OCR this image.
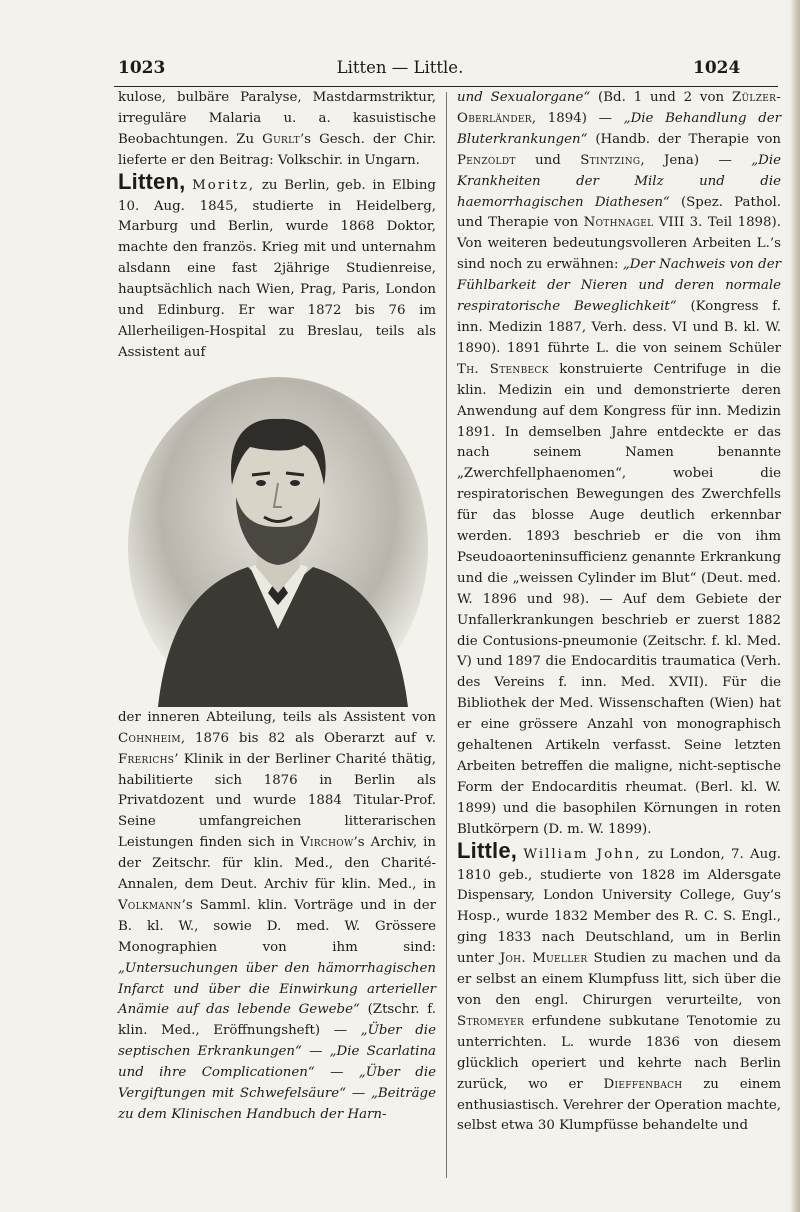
Litten — Little.
1023	1024

kulose, bulbäre Paralyse, Mastdarmstriktur, irreguläre Malaria u. a. kasuistische Beobachtungen. Zu Gurlt’s Gesch. der Chir. lieferte er den Beitrag: Volkschir. in Ungarn.

Litten, Moritz, zu Berlin, geb. in Elbing 10. Aug. 1845, studierte in Heidelberg, Marburg und Berlin, wurde 1868 Doktor, machte den französ. Krieg mit und unternahm alsdann eine fast 2jährige Studienreise, hauptsächlich nach Wien, Prag, Paris, London und Edinburg. Er war 1872 bis 76 im Allerheiligen-Hospital zu Breslau, teils als Assistent auf

der inneren Abteilung, teils als Assistent von Cohnheim, 1876 bis 82 als Oberarzt auf v. Frerichs’ Klinik in der Berliner Charité thätig, habilitierte sich 1876 in Berlin als Privatdozent und wurde 1884 Titular-Prof. Seine umfangreichen litterarischen Leistungen finden sich in Virchow’s Archiv, in der Zeitschr. für klin. Med., den Charité-Annalen, dem Deut. Archiv für klin. Med., in Volkmann’s Samml. klin. Vorträge und in der B. kl. W., sowie D. med. W. Grössere Monographien von ihm sind: „Untersuchungen über den hämorrhagischen Infarct und über die Einwirkung arterieller Anämie auf das lebende Gewebe“ (Ztschr. f. klin. Med., Eröffnungsheft) — „Über die septischen Erkrankungen“ — „Die Scarlatina und ihre Complicationen“ — „Über die Vergiftungen mit Schwefelsäure“ — „Beiträge zu dem Klinischen Handbuch der Harn-

und Sexualorgane“ (Bd. 1 und 2 von Zülzer-Oberländer, 1894) — „Die Behandlung der Bluterkrankungen“ (Handb. der Therapie von Penzoldt und Stintzing, Jena) — „Die Krankheiten der Milz und die haemorrhagischen Diathesen“ (Spez. Pathol. und Therapie von Nothnagel VIII 3. Teil 1898). Von weiteren bedeutungsvolleren Arbeiten L.’s sind noch zu erwähnen: „Der Nachweis von der Fühlbarkeit der Nieren und deren normale respiratorische Beweglichkeit“ (Kongress f. inn. Medizin 1887, Verh. dess. VI und B. kl. W. 1890). 1891 führte L. die von seinem Schüler Th. Stenbeck konstruierte Centrifuge in die klin. Medizin ein und demonstrierte deren Anwendung auf dem Kongress für inn. Medizin 1891. In demselben Jahre entdeckte er das nach seinem Namen benannte „Zwerchfellphaenomen“, wobei die respiratorischen Bewegungen des Zwerchfells für das blosse Auge deutlich erkennbar werden. 1893 beschrieb er die von ihm Pseudoaorteninsufficienz genannte Erkrankung und die „weissen Cylinder im Blut“ (Deut. med. W. 1896 und 98). — Auf dem Gebiete der Unfallerkrankungen beschrieb er zuerst 1882 die Contusions-pneumonie (Zeitschr. f. kl. Med. V) und 1897 die Endocarditis traumatica (Verh. des Vereins f. inn. Med. XVII). Für die Bibliothek der Med. Wissenschaften (Wien) hat er eine grössere Anzahl von monographisch gehaltenen Artikeln verfasst. Seine letzten Arbeiten betreffen die maligne, nicht-septische Form der Endocarditis rheumat. (Berl. kl. W. 1899) und die basophilen Körnungen in roten Blutkörpern (D. m. W. 1899).

Little, William John, zu London, 7. Aug. 1810 geb., studierte von 1828 im Aldersgate Dispensary, London University College, Guy’s Hosp., wurde 1832 Member des R. C. S. Engl., ging 1833 nach Deutschland, um in Berlin unter Joh. Mueller Studien zu machen und da er selbst an einem Klumpfuss litt, sich über die von den engl. Chirurgen verurteilte, von Stromeyer erfundene subkutane Tenotomie zu unterrichten. L. wurde 1836 von diesem glücklich operiert und kehrte nach Berlin zurück, wo er Dieffenbach zu einem enthusiastisch. Verehrer der Operation machte, selbst etwa 30 Klumpfüsse behandelte und
